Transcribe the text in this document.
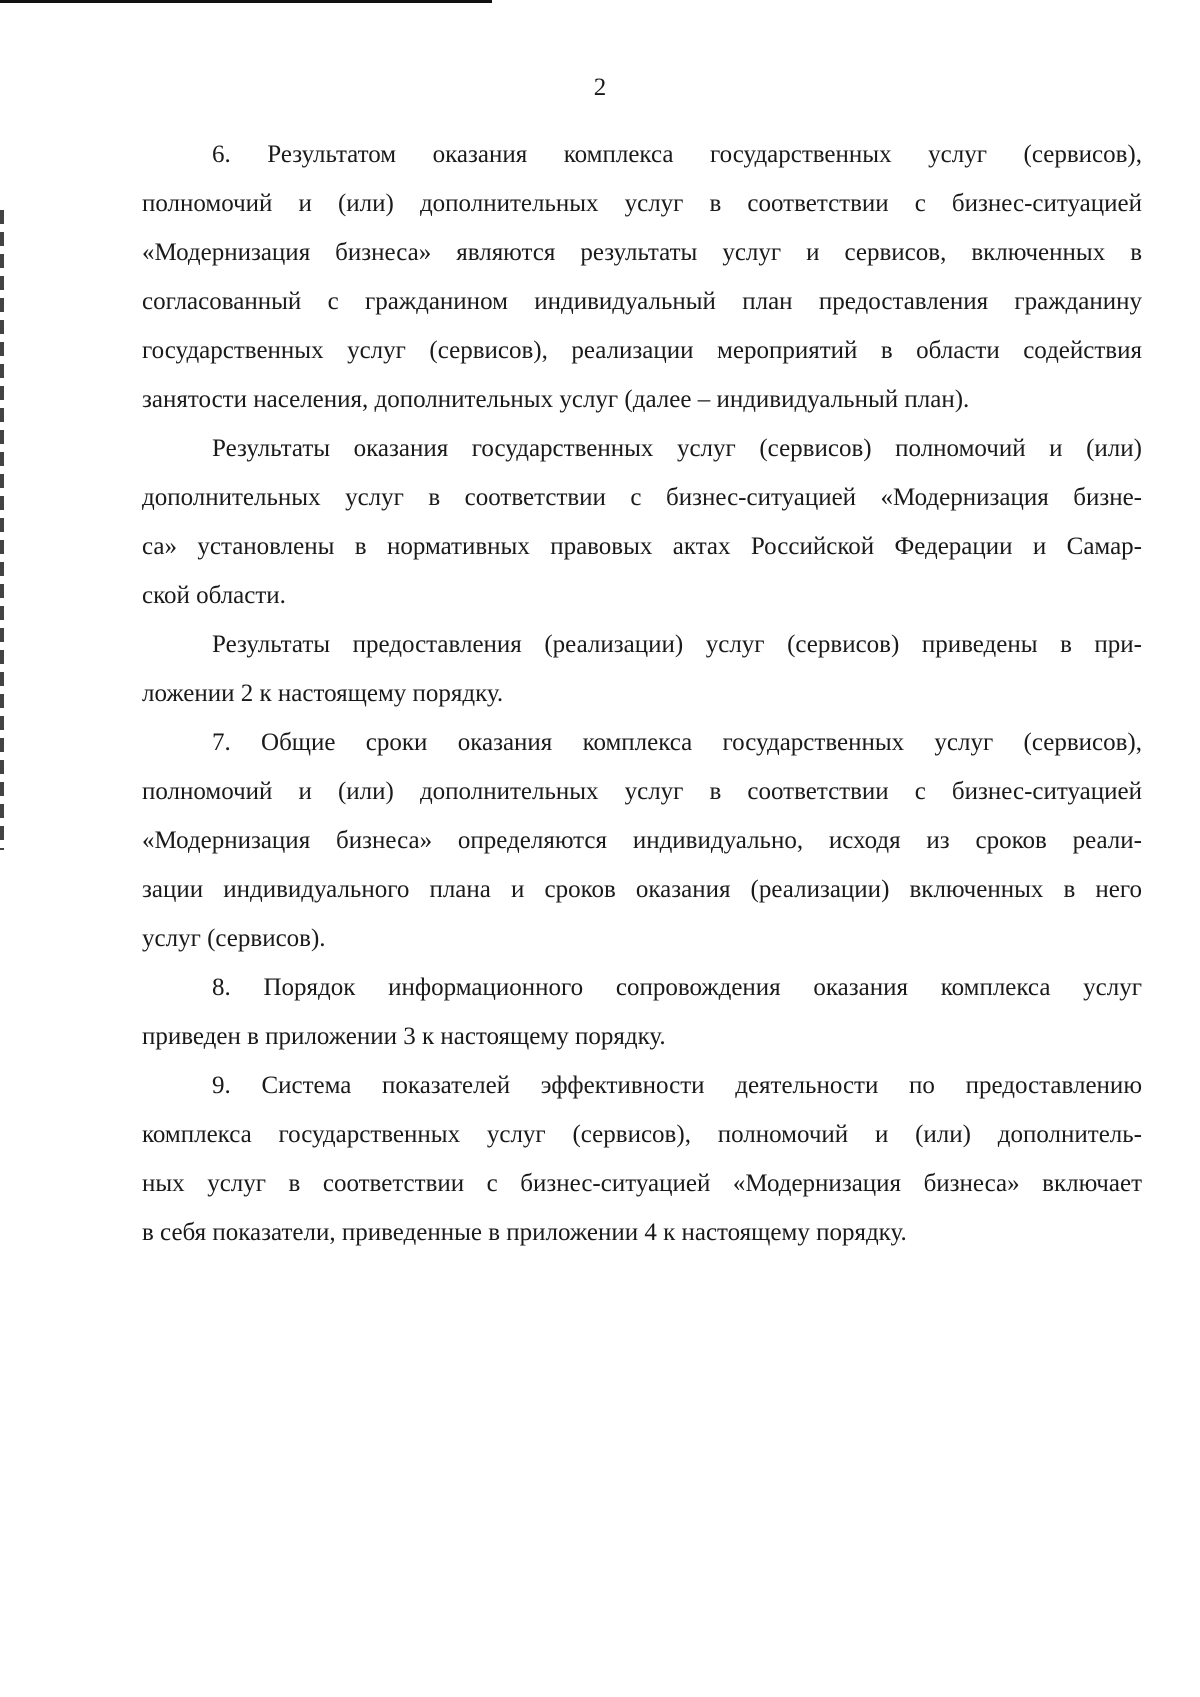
2

6. Результатом оказания комплекса государственных услуг (сервисов),
полномочий и (или) дополнительных услуг в соответствии с бизнес-ситуацией
«Модернизация бизнеса» являются результаты услуг и сервисов, включенных в
согласованный с гражданином индивидуальный план предоставления гражданину
государственных услуг (сервисов), реализации мероприятий в области содействия
занятости населения, дополнительных услуг (далее – индивидуальный план).

Результаты оказания государственных услуг (сервисов) полномочий и (или)
дополнительных услуг в соответствии с бизнес-ситуацией «Модернизация бизне-
са» установлены в нормативных правовых актах Российской Федерации и Самар-
ской области.

Результаты предоставления (реализации) услуг (сервисов) приведены в при-
ложении 2 к настоящему порядку.

7. Общие сроки оказания комплекса государственных услуг (сервисов),
полномочий и (или) дополнительных услуг в соответствии с бизнес-ситуацией
«Модернизация бизнеса» определяются индивидуально, исходя из сроков реали-
зации индивидуального плана и сроков оказания (реализации) включенных в него
услуг (сервисов).

8. Порядок информационного сопровождения оказания комплекса услуг
приведен в приложении 3 к настоящему порядку.

9. Система показателей эффективности деятельности по предоставлению
комплекса государственных услуг (сервисов), полномочий и (или) дополнитель-
ных услуг в соответствии с бизнес-ситуацией «Модернизация бизнеса» включает
в себя показатели, приведенные в приложении 4 к настоящему порядку.
